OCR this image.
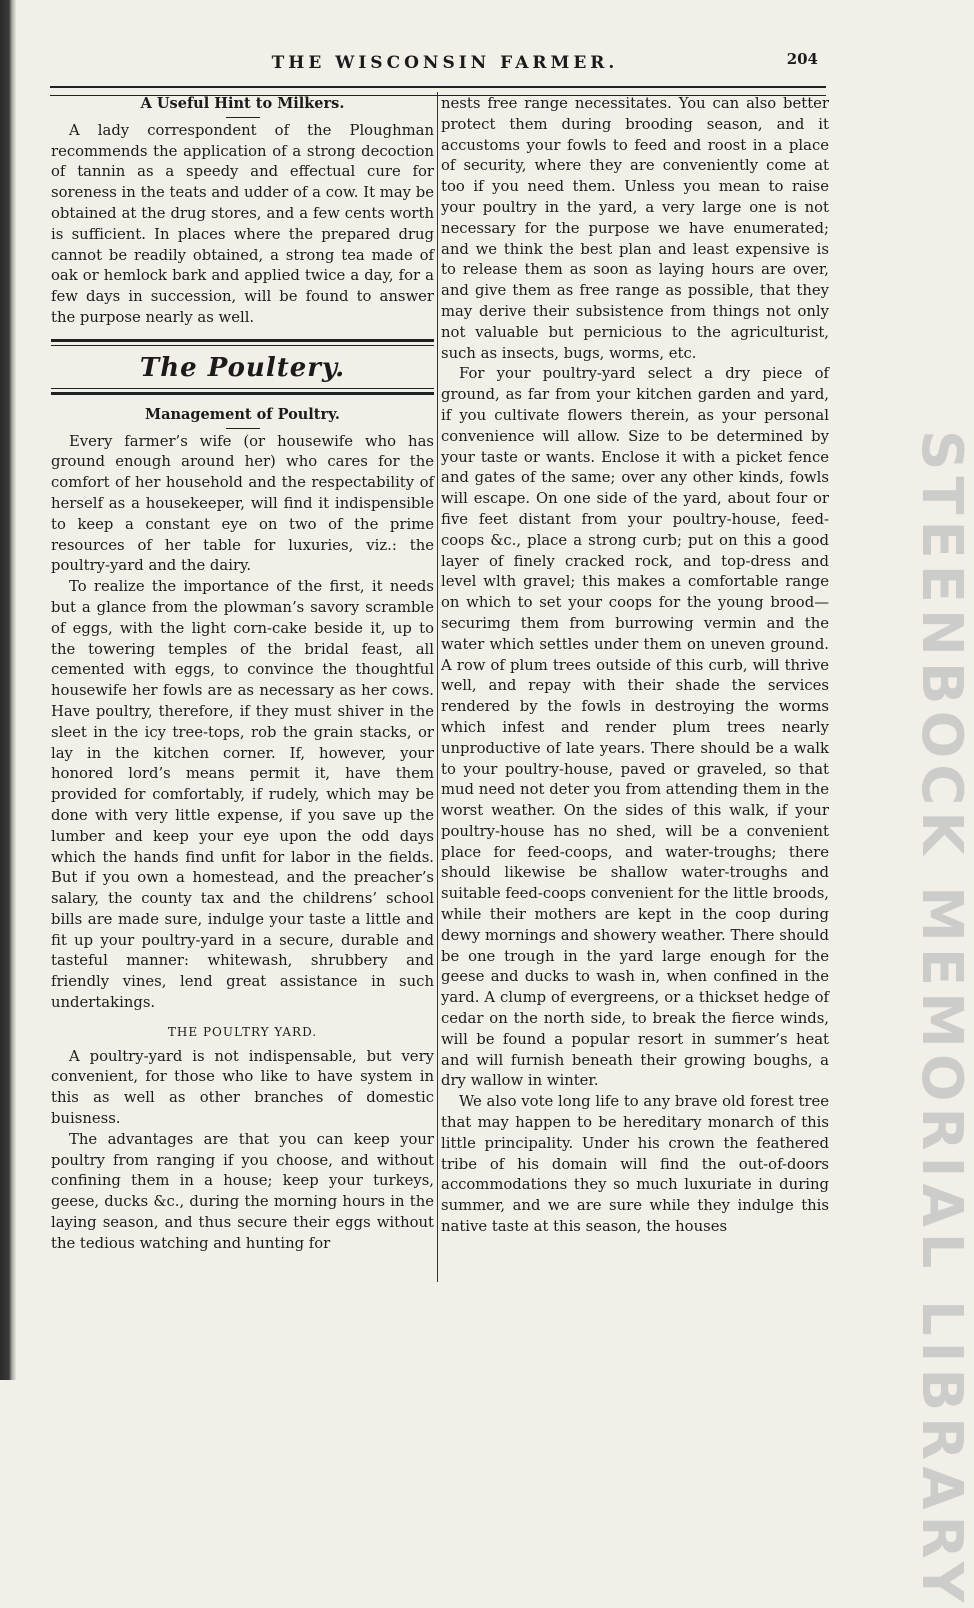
STEENBOCK MEMORIAL LIBRARY
THE WISCONSIN FARMER.	204
A Useful Hint to Milkers.

A lady correspondent of the Ploughman recommends the application of a strong decoction of tannin as a speedy and effectual cure for soreness in the teats and udder of a cow. It may be obtained at the drug stores, and a few cents worth is sufficient. In places where the prepared drug cannot be readily obtained, a strong tea made of oak or hemlock bark and applied twice a day, for a few days in succession, will be found to answer the purpose nearly as well.

The Poultery.
Management of Poultry.

Every farmer’s wife (or housewife who has ground enough around her) who cares for the comfort of her household and the respectability of herself as a housekeeper, will find it indispensible to keep a constant eye on two of the prime resources of her table for luxuries, viz.: the poultry-yard and the dairy.

To realize the importance of the first, it needs but a glance from the plowman’s savory scramble of eggs, with the light corn-cake beside it, up to the towering temples of the bridal feast, all cemented with eggs, to convince the thoughtful housewife her fowls are as necessary as her cows. Have poultry, therefore, if they must shiver in the sleet in the icy tree-tops, rob the grain stacks, or lay in the kitchen corner. If, however, your honored lord’s means permit it, have them provided for comfortably, if rudely, which may be done with very little expense, if you save up the lumber and keep your eye upon the odd days which the hands find unfit for labor in the fields. But if you own a homestead, and the preacher’s salary, the county tax and the childrens’ school bills are made sure, indulge your taste a little and fit up your poultry-yard in a secure, durable and tasteful manner: whitewash, shrubbery and friendly vines, lend great assistance in such undertakings.

THE POULTRY YARD.

A poultry-yard is not indispensable, but very convenient, for those who like to have system in this as well as other branches of domestic buisness.

The advantages are that you can keep your poultry from ranging if you choose, and without confining them in a house; keep your turkeys, geese, ducks &c., during the morning hours in the laying season, and thus secure their eggs without the tedious watching and hunting for

nests free range necessitates. You can also better protect them during brooding season, and it accustoms your fowls to feed and roost in a place of security, where they are conveniently come at too if you need them. Unless you mean to raise your poultry in the yard, a very large one is not necessary for the purpose we have enumerated; and we think the best plan and least expensive is to release them as soon as laying hours are over, and give them as free range as possible, that they may derive their subsistence from things not only not valuable but pernicious to the agriculturist, such as insects, bugs, worms, etc.

For your poultry-yard select a dry piece of ground, as far from your kitchen garden and yard, if you cultivate flowers therein, as your personal convenience will allow. Size to be determined by your taste or wants. Enclose it with a picket fence and gates of the same; over any other kinds, fowls will escape. On one side of the yard, about four or five feet distant from your poultry-house, feed-coops &c., place a strong curb; put on this a good layer of finely cracked rock, and top-dress and level wlth gravel; this makes a comfortable range on which to set your coops for the young brood—securimg them from burrowing vermin and the water which settles under them on uneven ground. A row of plum trees outside of this curb, will thrive well, and repay with their shade the services rendered by the fowls in destroying the worms which infest and render plum trees nearly unproductive of late years. There should be a walk to your poultry-house, paved or graveled, so that mud need not deter you from attending them in the worst weather. On the sides of this walk, if your poultry-house has no shed, will be a convenient place for feed-coops, and water-troughs; there should likewise be shallow water-troughs and suitable feed-coops convenient for the little broods, while their mothers are kept in the coop during dewy mornings and showery weather. There should be one trough in the yard large enough for the geese and ducks to wash in, when confined in the yard. A clump of evergreens, or a thickset hedge of cedar on the north side, to break the fierce winds, will be found a popular resort in summer’s heat and will furnish beneath their growing boughs, a dry wallow in winter.

We also vote long life to any brave old forest tree that may happen to be hereditary monarch of this little principality. Under his crown the feathered tribe of his domain will find the out-of-doors accommodations they so much luxuriate in during summer, and we are sure while they indulge this native taste at this season, the houses
